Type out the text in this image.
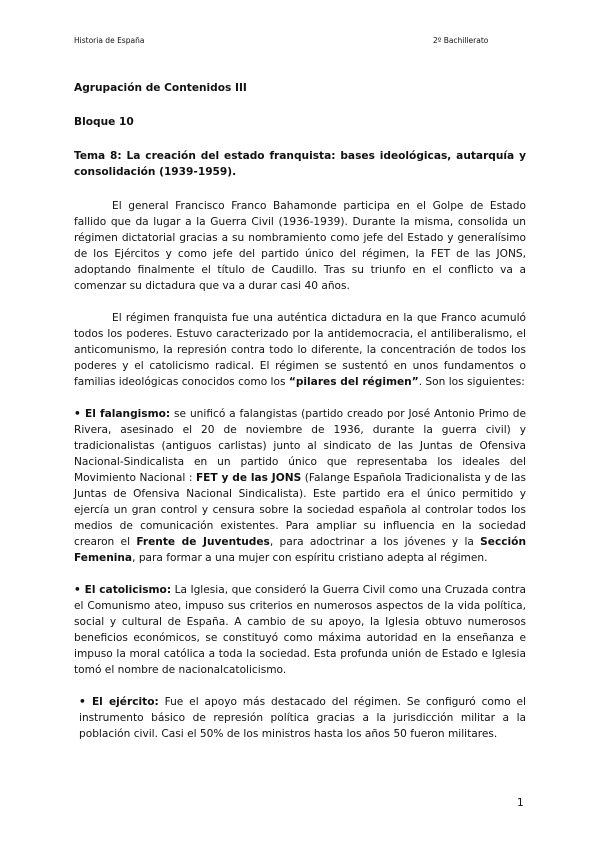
Historia de España	2º Bachillerato
Agrupación de Contenidos III
Bloque 10
Tema 8: La creación del estado franquista: bases ideológicas, autarquía y consolidación (1939-1959).

El general Francisco Franco Bahamonde participa en el Golpe de Estado fallido que da lugar a la Guerra Civil (1936-1939). Durante la misma, consolida un régimen dictatorial gracias a su nombramiento como jefe del Estado y generalísimo de los Ejércitos y como jefe del partido único del régimen, la FET de las JONS, adoptando finalmente el título de Caudillo. Tras su triunfo en el conflicto va a comenzar su dictadura que va a durar casi 40 años.

El régimen franquista fue una auténtica dictadura en la que Franco acumuló todos los poderes. Estuvo caracterizado por la antidemocracia, el antiliberalismo, el anticomunismo, la represión contra todo lo diferente, la concentración de todos los poderes y el catolicismo radical. El régimen se sustentó en unos fundamentos o familias ideológicas conocidos como los “pilares del régimen”. Son los siguientes:

• El falangismo: se unificó a falangistas (partido creado por José Antonio Primo de Rivera, asesinado el 20 de noviembre de 1936, durante la guerra civil) y tradicionalistas (antiguos carlistas) junto al sindicato de las Juntas de Ofensiva Nacional-Sindicalista en un partido único que representaba los ideales del Movimiento Nacional : FET y de las JONS (Falange Española Tradicionalista y de las Juntas de Ofensiva Nacional Sindicalista). Este partido era el único permitido y ejercía un gran control y censura sobre la sociedad española al controlar todos los medios de comunicación existentes. Para ampliar su influencia en la sociedad crearon el Frente de Juventudes, para adoctrinar a los jóvenes y la Sección Femenina, para formar a una mujer con espíritu cristiano adepta al régimen.

• El catolicismo: La Iglesia, que consideró la Guerra Civil como una Cruzada contra el Comunismo ateo, impuso sus criterios en numerosos aspectos de la vida política, social y cultural de España. A cambio de su apoyo, la Iglesia obtuvo numerosos beneficios económicos, se constituyó como máxima autoridad en la enseñanza e impuso la moral católica a toda la sociedad. Esta profunda unión de Estado e Iglesia tomó el nombre de nacionalcatolicismo.

• El ejército: Fue el apoyo más destacado del régimen. Se configuró como el instrumento básico de represión política gracias a la jurisdicción militar a la población civil. Casi el 50% de los ministros hasta los años 50 fueron militares.

1
